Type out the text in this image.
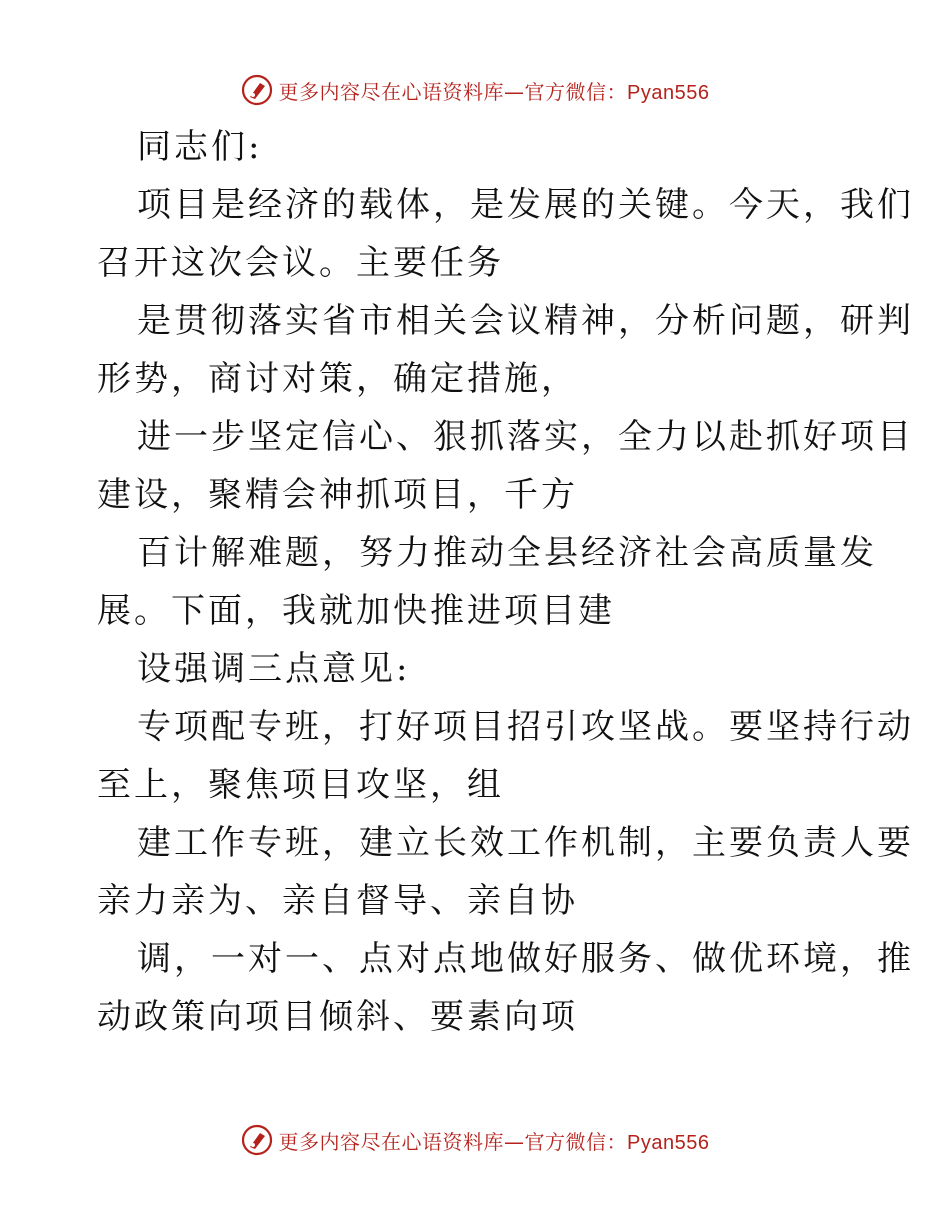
更多内容尽在心语资料库—官方微信：Pyan556
同志们:
项目是经济的载体，是发展的关键。今天，我们
召开这次会议。主要任务
是贯彻落实省市相关会议精神，分析问题，研判
形势，商讨对策，确定措施，
进一步坚定信心、狠抓落实，全力以赴抓好项目
建设，聚精会神抓项目，千方
百计解难题，努力推动全县经济社会高质量发
展。下面，我就加快推进项目建
设强调三点意见:
专项配专班，打好项目招引攻坚战。要坚持行动
至上，聚焦项目攻坚，组
建工作专班，建立长效工作机制，主要负责人要
亲力亲为、亲自督导、亲自协
调，一对一、点对点地做好服务、做优环境，推
动政策向项目倾斜、要素向项
更多内容尽在心语资料库—官方微信：Pyan556
